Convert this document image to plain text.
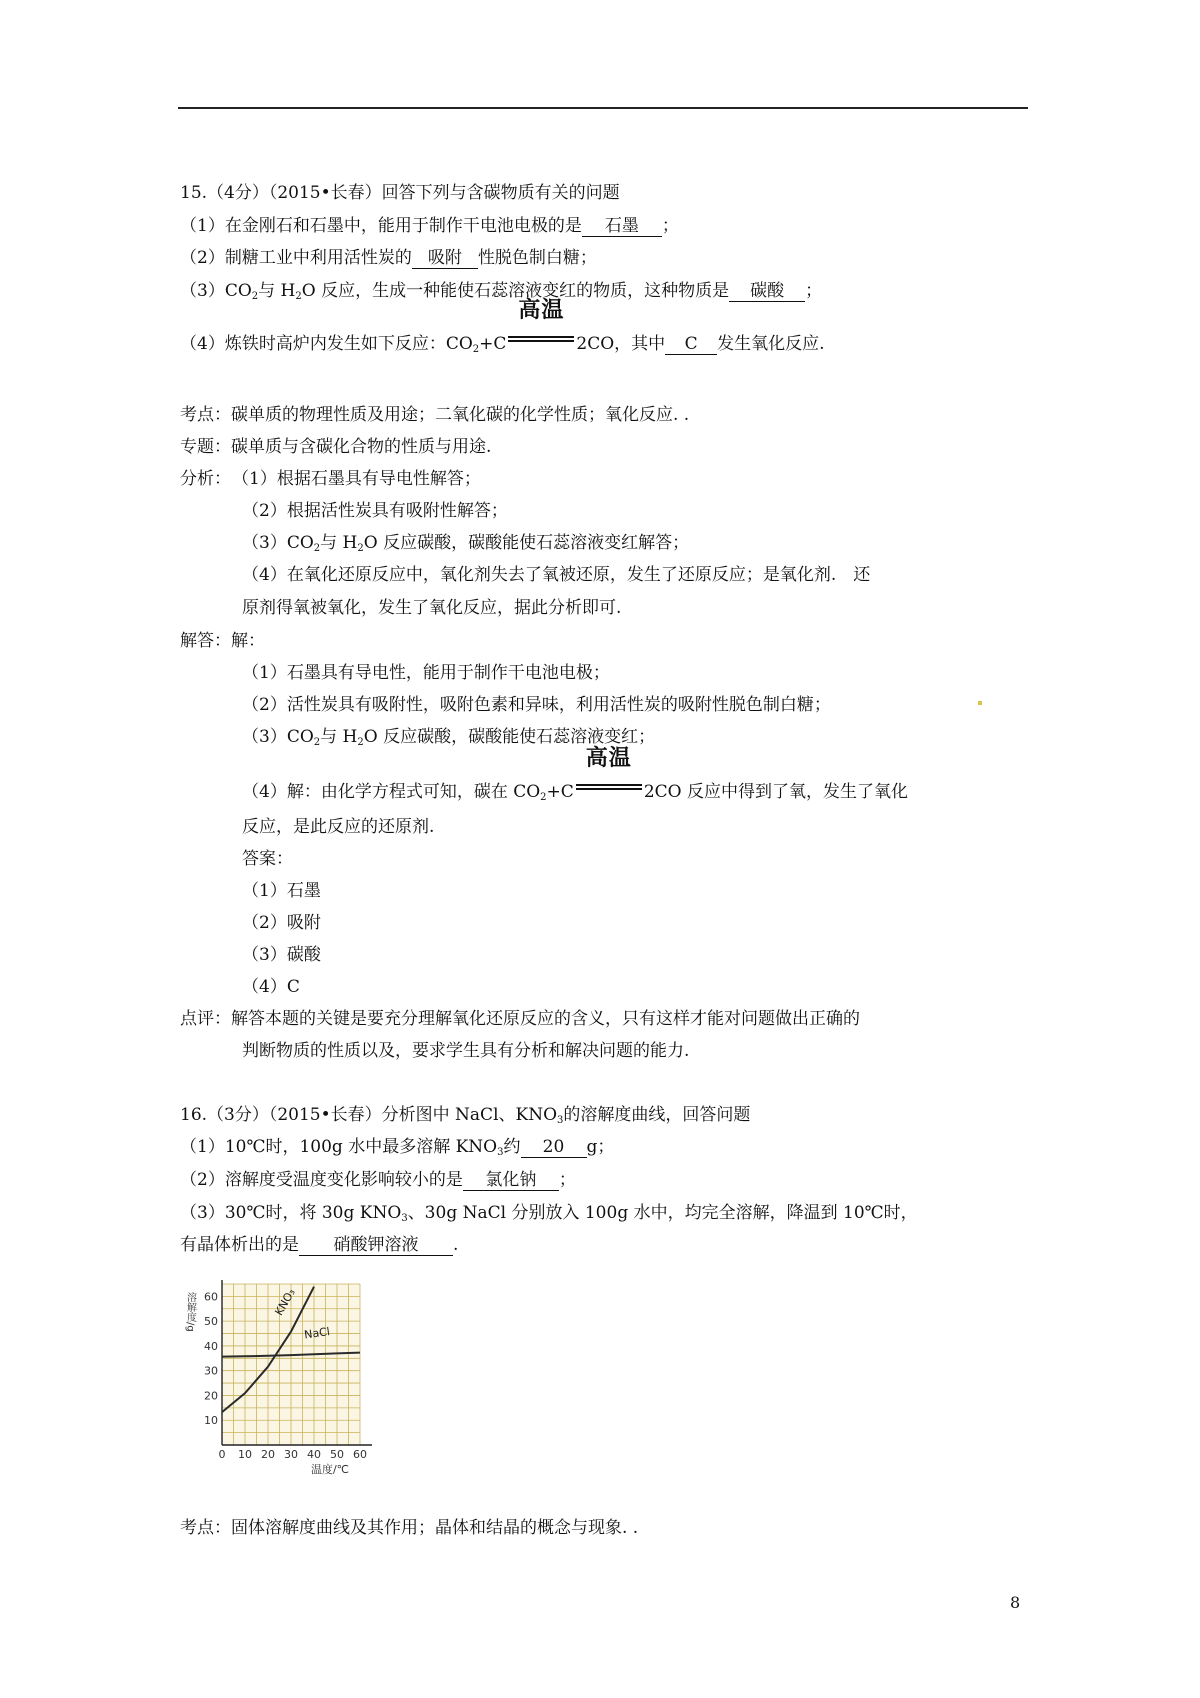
15.（4分）（2015•长春）回答下列与含碳物质有关的问题
（1）在金刚石和石墨中，能用于制作干电池电极的是 石墨 ；
（2）制糖工业中利用活性炭的 吸附 性脱色制白糖；
$(3)CO_2$与 $H_2O$ 反应，生成一种能使石蕊溶液变红的物质，这种物质是 碳酸 ；
（4）炼铁时高炉内发生如下反应：$CO_2+C$
高温
2CO，其中 C 发生氧化反应.
考点：碳单质的物理性质及用途；二氧化碳的化学性质；氧化反应. .
专题：碳单质与含碳化合物的性质与用途.
分析： （1）根据石墨具有导电性解答；
（2）根据活性炭具有吸附性解答；
$(3)CO_2$与 $H_2O$ 反应碳酸，碳酸能使石蕊溶液变红解答；
（4）在氧化还原反应中，氧化剂失去了氧被还原，发生了还原反应；是氧化剂.　还
原剂得氧被氧化，发生了氧化反应，据此分析即可.
解答：解：
（1）石墨具有导电性，能用于制作干电池电极；
（2）活性炭具有吸附性，吸附色素和异味，利用活性炭的吸附性脱色制白糖；
$(3)CO_2$与 $H_2O$ 反应碳酸，碳酸能使石蕊溶液变红；
（4）解：由化学方程式可知，碳在 $CO_2+C$
高温
2CO 反应中得到了氧，发生了氧化
反应，是此反应的还原剂.
答案：
（1）石墨
（2）吸附
（3）碳酸
（4）C
点评：解答本题的关键是要充分理解氧化还原反应的含义，只有这样才能对问题做出正确的
判断物质的性质以及，要求学生具有分析和解决问题的能力.
16.（3分）（2015•长春）分析图中 NaCl、$KNO_3$的溶解度曲线，回答问题
（1）10℃时，100g 水中最多溶解 $KNO_3$约 20 g；
（2）溶解度受温度变化影响较小的是 氯化钠 ；
（3）30℃时，将 30g $KNO_3$、30g NaCl 分别放入 100g 水中，均完全溶解，降温到 10℃时，
有晶体析出的是 硝酸钾溶液 .
0 10 20 30 40 50 60
10
20
30
40
50
60
溶解度/g
温度/℃
KNO₃
NaCl
考点：固体溶解度曲线及其作用；晶体和结晶的概念与现象. .
8
